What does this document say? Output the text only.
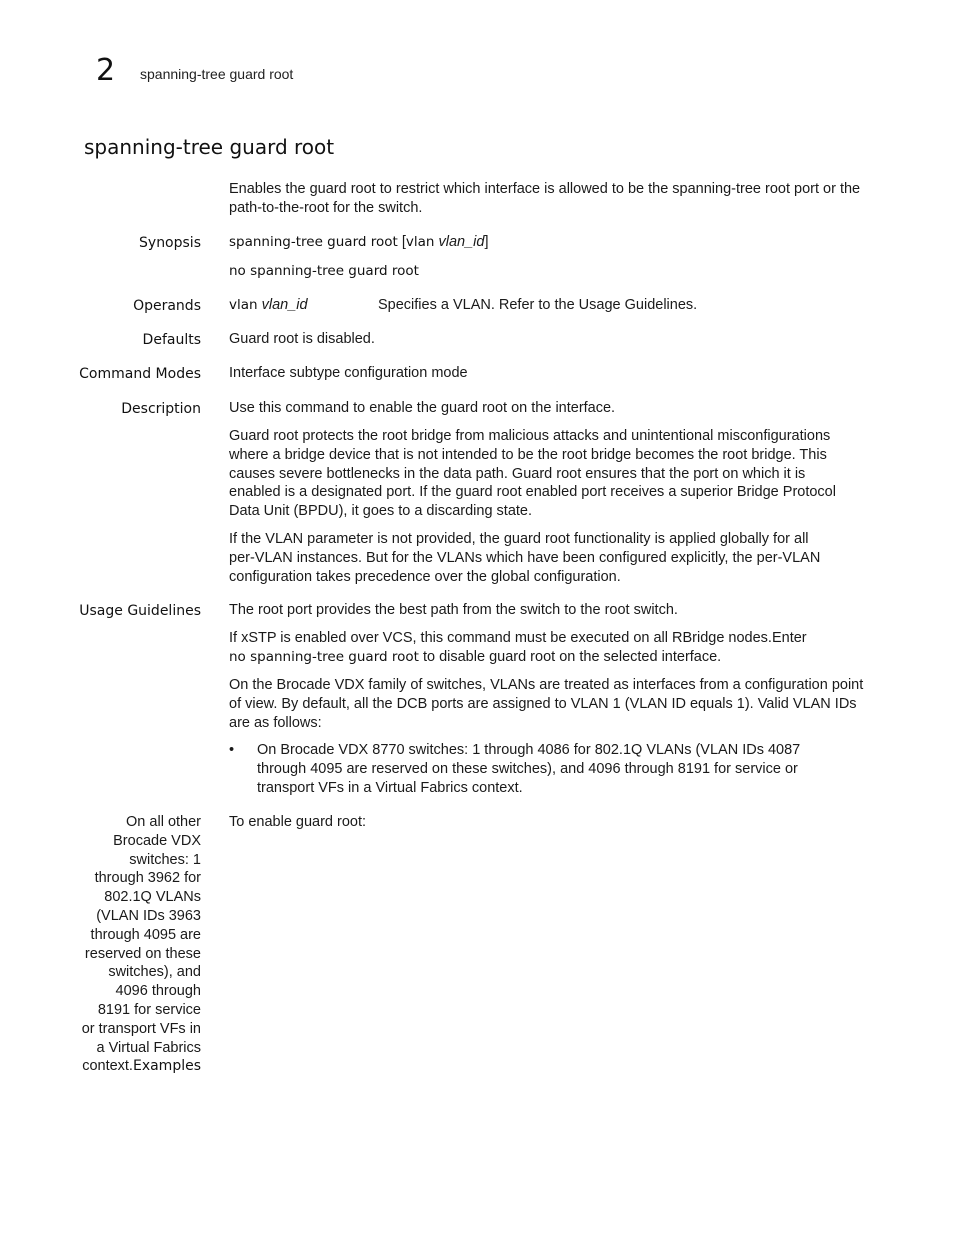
2 spanning-tree guard root
spanning-tree guard root

Enables the guard root to restrict which interface is allowed to be the spanning-tree root port or the path-to-the-root for the switch.

Synopsis spanning-tree guard root [vlan vlan_id]
no spanning-tree guard root
Operands vlan vlan_id	Specifies a VLAN. Refer to the Usage Guidelines.
Defaults Guard root is disabled.
Command Modes Interface subtype configuration mode
Description Use this command to enable the guard root on the interface.
Guard root protects the root bridge from malicious attacks and unintentional misconfigurations where a bridge device that is not intended to be the root bridge becomes the root bridge. This causes severe bottlenecks in the data path. Guard root ensures that the port on which it is enabled is a designated port. If the guard root enabled port receives a superior Bridge Protocol Data Unit (BPDU), it goes to a discarding state.
If the VLAN parameter is not provided, the guard root functionality is applied globally for all per-VLAN instances. But for the VLANs which have been configured explicitly, the per-VLAN configuration takes precedence over the global configuration.
Usage Guidelines The root port provides the best path from the switch to the root switch.
If xSTP is enabled over VCS, this command must be executed on all RBridge nodes.Enter
no spanning-tree guard root to disable guard root on the selected interface.
On the Brocade VDX family of switches, VLANs are treated as interfaces from a configuration point of view. By default, all the DCB ports are assigned to VLAN 1 (VLAN ID equals 1). Valid VLAN IDs are as follows:
• On Brocade VDX 8770 switches: 1 through 4086 for 802.1Q VLANs (VLAN IDs 4087 through 4095 are reserved on these switches), and 4096 through 8191 for service or transport VFs in a Virtual Fabrics context.
On all other Brocade VDX switches: 1 through 3962 for 802.1Q VLANs (VLAN IDs 3963 through 4095 are reserved on these switches), and 4096 through 8191 for service or transport VFs in a Virtual Fabrics context.Examples
To enable guard root:
